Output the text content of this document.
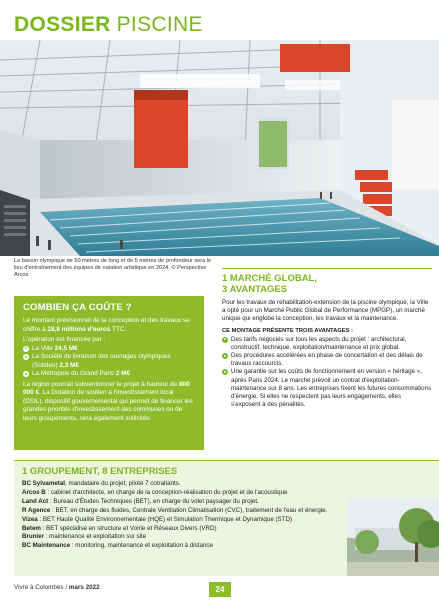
DOSSIER PISCINE
Le bassin olympique de 50 mètres de long et de 5 mètres de profondeur sera le lieu d'entraînement des équipes de natation artistique en 2024. © Perspective Arcos
COMBIEN ÇA COÛTE ?

Le montant prévisionnel de la conception et des travaux se chiffre à 28,8 millions d'euros TTC.

L'opération est financée par :

La Ville 24,5 M€
La Société de livraison des ouvrages olympiques (Solideo) 2,3 M€
La Métropole du Grand Paris 2 M€

La région pourrait subventionner le projet à hauteur de 800 000 €. La Dotation de soutien à l'investissement local (DSIL), dispositif gouvernemental qui permet de financer les grandes priorités d'investissement des communes ou de leurs groupements, sera également sollicitée.

1 MARCHÉ GLOBAL,
3 AVANTAGES

Pour les travaux de réhabilitation-extension de la piscine olympique, la Ville a opté pour un Marché Public Global de Performance (MPGP), un marché unique qui englobe la conception, les travaux et la maintenance.

CE MONTAGE PRÉSENTE TROIS AVANTAGES :

Des tarifs négociés sur tous les aspects du projet : architectural, constructif, technique, exploitation/maintenance et prix global.
Des procédures accélérées en phase de concertation et des délais de travaux raccourcis.
Une garantie sur les coûts de fonctionnement en version « héritage », après Paris 2024. Le marché prévoit un contrat d'exploitation-maintenance sur 8 ans. Les entreprises fixent les futures consommations d'énergie. Si elles ne respectent pas leurs engagements, elles s'exposent à des pénalités.
1 GROUPEMENT, 8 ENTREPRISES
BC Sylvametal, mandataire du projet, pilote 7 cotraitants.
Arcos B : cabinet d'architecte, en charge de la conception-réalisation du projet et de l'acoustique
Land Act : Bureau d'Études Techniques (BET), en charge du volet paysager du projet.
R Agence : BET, en charge des fluides, Centrale Ventilation Climatisation (CVC), traitement de l'eau et énergie.
Vizea : BET Haute Qualité Environnementale (HQE) et Simulation Thermique et Dynamique (STD)
Betem : BET spécialisé en structure et Voirie et Réseaux Divers (VRD)
Brunier : maintenance et exploitation sur site
BC Maintenance : monitoring, maintenance et exploitation à distance
Vivre à Colombes / mars 2022	24
